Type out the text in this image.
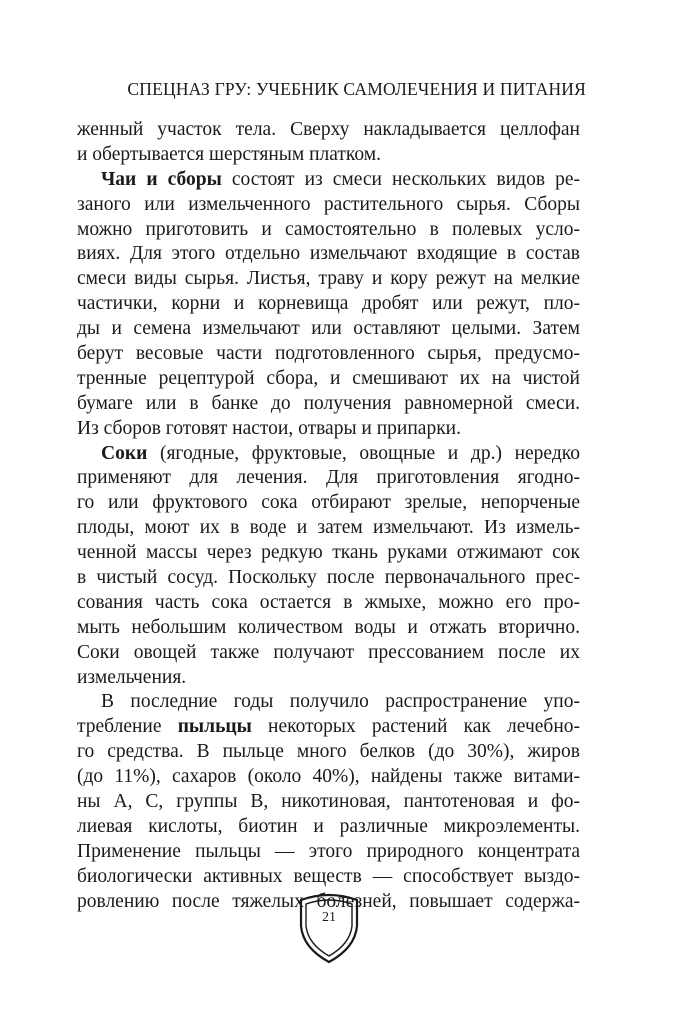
СПЕЦНАЗ ГРУ: УЧЕБНИК САМОЛЕЧЕНИЯ И ПИТАНИЯ
женный участок тела. Сверху накладывается целлофан
и обертывается шерстяным платком.
Чаи и сборы состоят из смеси нескольких видов ре-
заного или измельченного растительного сырья. Сборы
можно приготовить и самостоятельно в полевых усло-
виях. Для этого отдельно измельчают входящие в состав
смеси виды сырья. Листья, траву и кору режут на мелкие
частички, корни и корневища дробят или режут, пло-
ды и семена измельчают или оставляют целыми. Затем
берут весовые части подготовленного сырья, предусмо-
тренные рецептурой сбора, и смешивают их на чистой
бумаге или в банке до получения равномерной смеси.
Из сборов готовят настои, отвары и припарки.
Соки (ягодные, фруктовые, овощные и др.) нередко
применяют для лечения. Для приготовления ягодно-
го или фруктового сока отбирают зрелые, непорченые
плоды, моют их в воде и затем измельчают. Из измель-
ченной массы через редкую ткань руками отжимают сок
в чистый сосуд. Поскольку после первоначального прес-
сования часть сока остается в жмыхе, можно его про-
мыть небольшим количеством воды и отжать вторично.
Соки овощей также получают прессованием после их
измельчения.
В последние годы получило распространение упо-
требление пыльцы некоторых растений как лечебно-
го средства. В пыльце много белков (до 30%), жиров
(до 11%), сахаров (около 40%), найдены также витами-
ны А, С, группы В, никотиновая, пантотеновая и фо-
лиевая кислоты, биотин и различные микроэлементы.
Применение пыльцы — этого природного концентрата
биологически активных веществ — способствует выздо-
ровлению после тяжелых болезней, повышает содержа-
21
